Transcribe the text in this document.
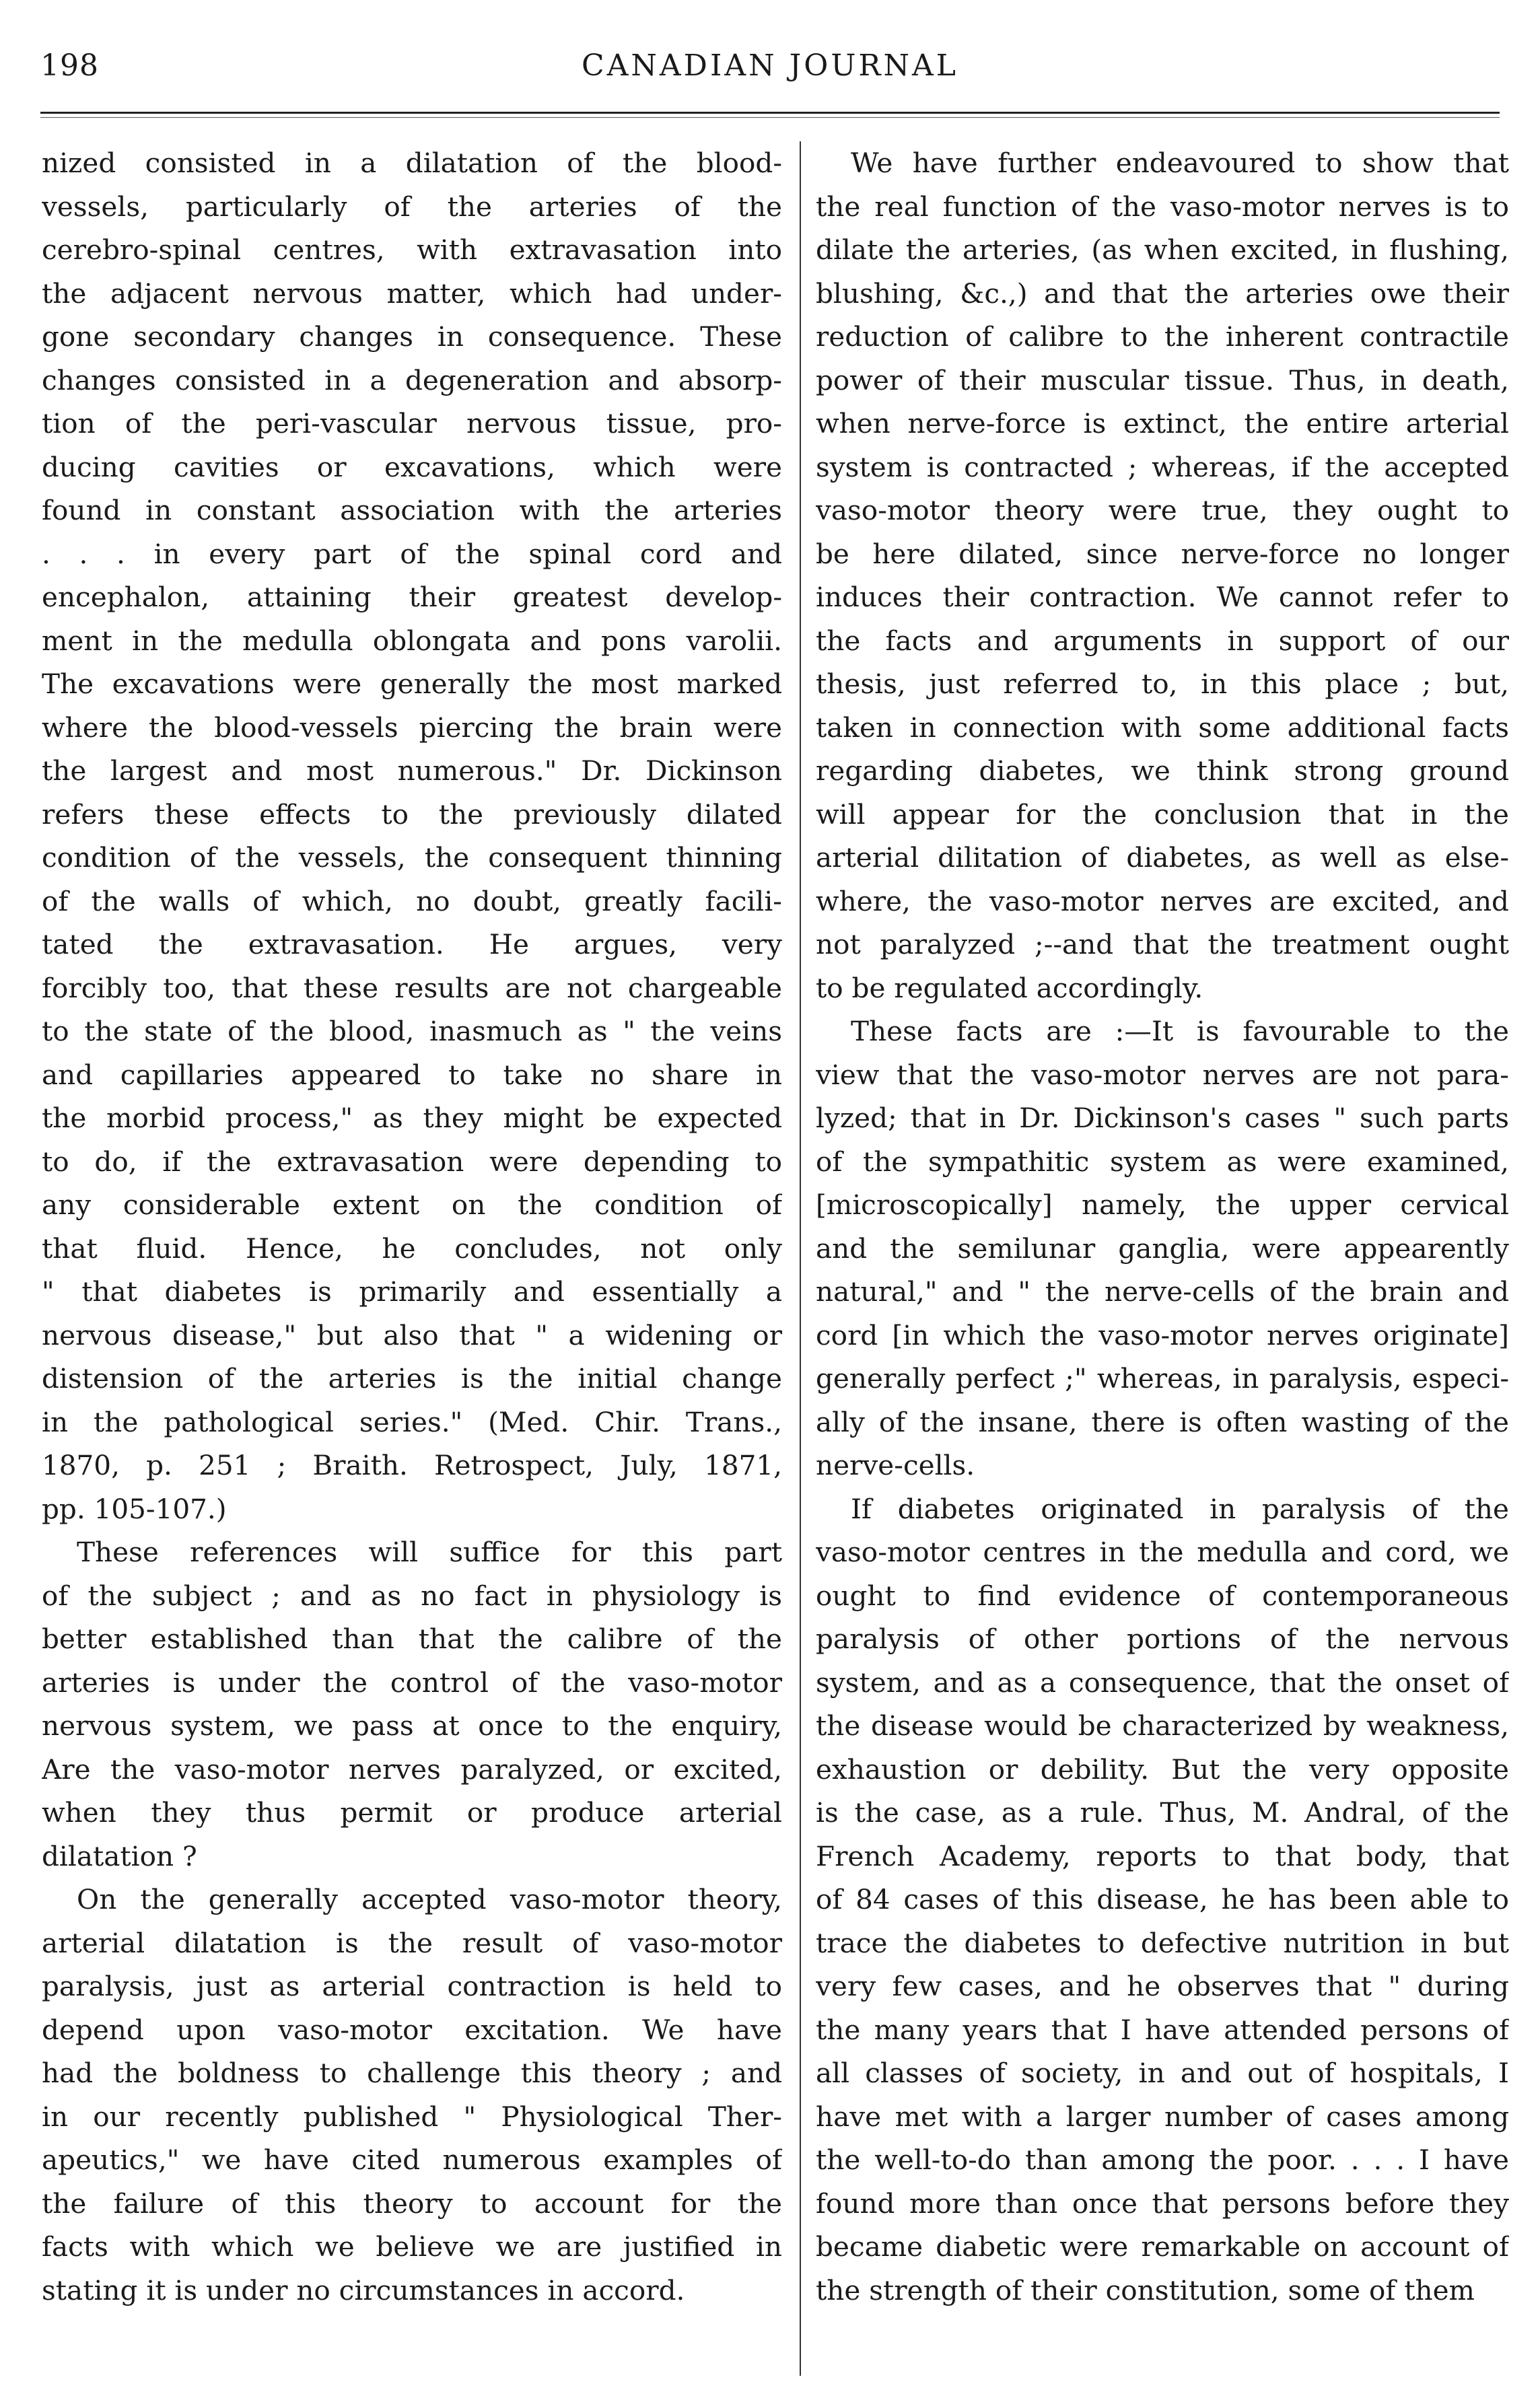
198	CANADIAN JOURNAL
nized consisted in a dilatation of the blood-
vessels, particularly of the arteries of the
cerebro-spinal centres, with extravasation into
the adjacent nervous matter, which had under-
gone secondary changes in consequence. These
changes consisted in a degeneration and absorp-
tion of the peri-vascular nervous tissue, pro-
ducing cavities or excavations, which were
found in constant association with the arteries
. . . in every part of the spinal cord and
encephalon, attaining their greatest develop-
ment in the medulla oblongata and pons varolii.
The excavations were generally the most marked
where the blood-vessels piercing the brain were
the largest and most numerous." Dr. Dickinson
refers these effects to the previously dilated
condition of the vessels, the consequent thinning
of the walls of which, no doubt, greatly facili-
tated the extravasation. He argues, very
forcibly too, that these results are not chargeable
to the state of the blood, inasmuch as " the veins
and capillaries appeared to take no share in
the morbid process," as they might be expected
to do, if the extravasation were depending to
any considerable extent on the condition of
that fluid. Hence, he concludes, not only
" that diabetes is primarily and essentially a
nervous disease," but also that " a widening or
distension of the arteries is the initial change
in the pathological series." (Med. Chir. Trans.,
1870, p. 251 ; Braith. Retrospect, July, 1871,
pp. 105-107.)
These references will suffice for this part
of the subject ; and as no fact in physiology is
better established than that the calibre of the
arteries is under the control of the vaso-motor
nervous system, we pass at once to the enquiry,
Are the vaso-motor nerves paralyzed, or excited,
when they thus permit or produce arterial
dilatation ?
On the generally accepted vaso-motor theory,
arterial dilatation is the result of vaso-motor
paralysis, just as arterial contraction is held to
depend upon vaso-motor excitation. We have
had the boldness to challenge this theory ; and
in our recently published " Physiological Ther-
apeutics," we have cited numerous examples of
the failure of this theory to account for the
facts with which we believe we are justified in
stating it is under no circumstances in accord.
We have further endeavoured to show that
the real function of the vaso-motor nerves is to
dilate the arteries, (as when excited, in flushing,
blushing, &c.,) and that the arteries owe their
reduction of calibre to the inherent contractile
power of their muscular tissue. Thus, in death,
when nerve-force is extinct, the entire arterial
system is contracted ; whereas, if the accepted
vaso-motor theory were true, they ought to
be here dilated, since nerve-force no longer
induces their contraction. We cannot refer to
the facts and arguments in support of our
thesis, just referred to, in this place ; but,
taken in connection with some additional facts
regarding diabetes, we think strong ground
will appear for the conclusion that in the
arterial dilitation of diabetes, as well as else-
where, the vaso-motor nerves are excited, and
not paralyzed ;--and that the treatment ought
to be regulated accordingly.
These facts are :—It is favourable to the
view that the vaso-motor nerves are not para-
lyzed; that in Dr. Dickinson's cases " such parts
of the sympathitic system as were examined,
[microscopically] namely, the upper cervical
and the semilunar ganglia, were appearently
natural," and " the nerve-cells of the brain and
cord [in which the vaso-motor nerves originate]
generally perfect ;" whereas, in paralysis, especi-
ally of the insane, there is often wasting of the
nerve-cells.
If diabetes originated in paralysis of the
vaso-motor centres in the medulla and cord, we
ought to find evidence of contemporaneous
paralysis of other portions of the nervous
system, and as a consequence, that the onset of
the disease would be characterized by weakness,
exhaustion or debility. But the very opposite
is the case, as a rule. Thus, M. Andral, of the
French Academy, reports to that body, that
of 84 cases of this disease, he has been able to
trace the diabetes to defective nutrition in but
very few cases, and he observes that " during
the many years that I have attended persons of
all classes of society, in and out of hospitals, I
have met with a larger number of cases among
the well-to-do than among the poor. . . . I have
found more than once that persons before they
became diabetic were remarkable on account of
the strength of their constitution, some of them
